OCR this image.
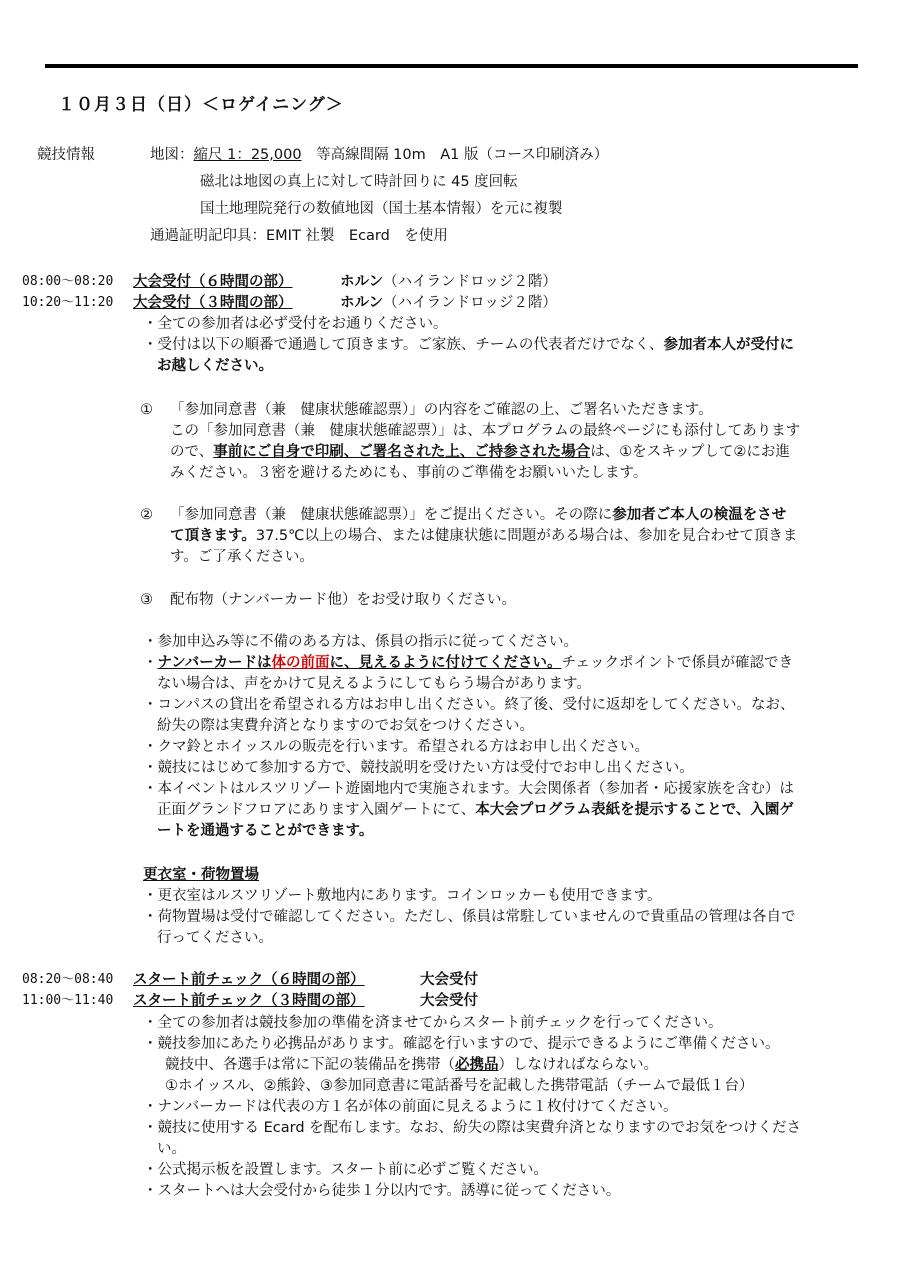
１０月３日（日）＜ロゲイニング＞
競技情報	地図：縮尺 1：25,000　等高線間隔 10m　A1 版（コース印刷済み）
磁北は地図の真上に対して時計回りに 45 度回転
国土地理院発行の数値地図（国土基本情報）を元に複製
通過証明記印具：EMIT 社製　Ecard　を使用
08:00～08:20 大会受付（６時間の部）	ホルン（ハイランドロッジ２階）
10:20～11:20 大会受付（３時間の部）	ホルン（ハイランドロッジ２階）
・全ての参加者は必ず受付をお通りください。
・受付は以下の順番で通過して頂きます。ご家族、チームの代表者だけでなく、参加者本人が受付に
お越しください。
① 「参加同意書（兼　健康状態確認票）」の内容をご確認の上、ご署名いただきます。
この「参加同意書（兼　健康状態確認票）」は、本プログラムの最終ページにも添付してあります
ので、事前にご自身で印刷、ご署名された上、ご持参された場合は、①をスキップして②にお進
みください。３密を避けるためにも、事前のご準備をお願いいたします。
② 「参加同意書（兼　健康状態確認票）」をご提出ください。その際に参加者ご本人の検温をさせ
て頂きます。37.5℃以上の場合、または健康状態に問題がある場合は、参加を見合わせて頂きま
す。ご了承ください。
③ 配布物（ナンバーカード他）をお受け取りください。
・参加申込み等に不備のある方は、係員の指示に従ってください。
・ナンバーカードは体の前面に、見えるように付けてください。チェックポイントで係員が確認でき
ない場合は、声をかけて見えるようにしてもらう場合があります。
・コンパスの貸出を希望される方はお申し出ください。終了後、受付に返却をしてください。なお、
紛失の際は実費弁済となりますのでお気をつけください。
・クマ鈴とホイッスルの販売を行います。希望される方はお申し出ください。
・競技にはじめて参加する方で、競技説明を受けたい方は受付でお申し出ください。
・本イベントはルスツリゾート遊園地内で実施されます。大会関係者（参加者・応援家族を含む）は
正面グランドフロアにあります入園ゲートにて、本大会プログラム表紙を提示することで、入園ゲ
ートを通過することができます。
更衣室・荷物置場
・更衣室はルスツリゾート敷地内にあります。コインロッカーも使用できます。
・荷物置場は受付で確認してください。ただし、係員は常駐していませんので貴重品の管理は各自で
行ってください。
08:20～08:40 スタート前チェック（６時間の部）	大会受付
11:00～11:40 スタート前チェック（３時間の部）	大会受付
・全ての参加者は競技参加の準備を済ませてからスタート前チェックを行ってください。
・競技参加にあたり必携品があります。確認を行いますので、提示できるようにご準備ください。
競技中、各選手は常に下記の装備品を携帯（必携品）しなければならない。
①ホイッスル、②熊鈴、③参加同意書に電話番号を記載した携帯電話（チームで最低１台）
・ナンバーカードは代表の方１名が体の前面に見えるように１枚付けてください。
・競技に使用する Ecard を配布します。なお、紛失の際は実費弁済となりますのでお気をつけくださ
い。
・公式掲示板を設置します。スタート前に必ずご覧ください。
・スタートへは大会受付から徒歩１分以内です。誘導に従ってください。
